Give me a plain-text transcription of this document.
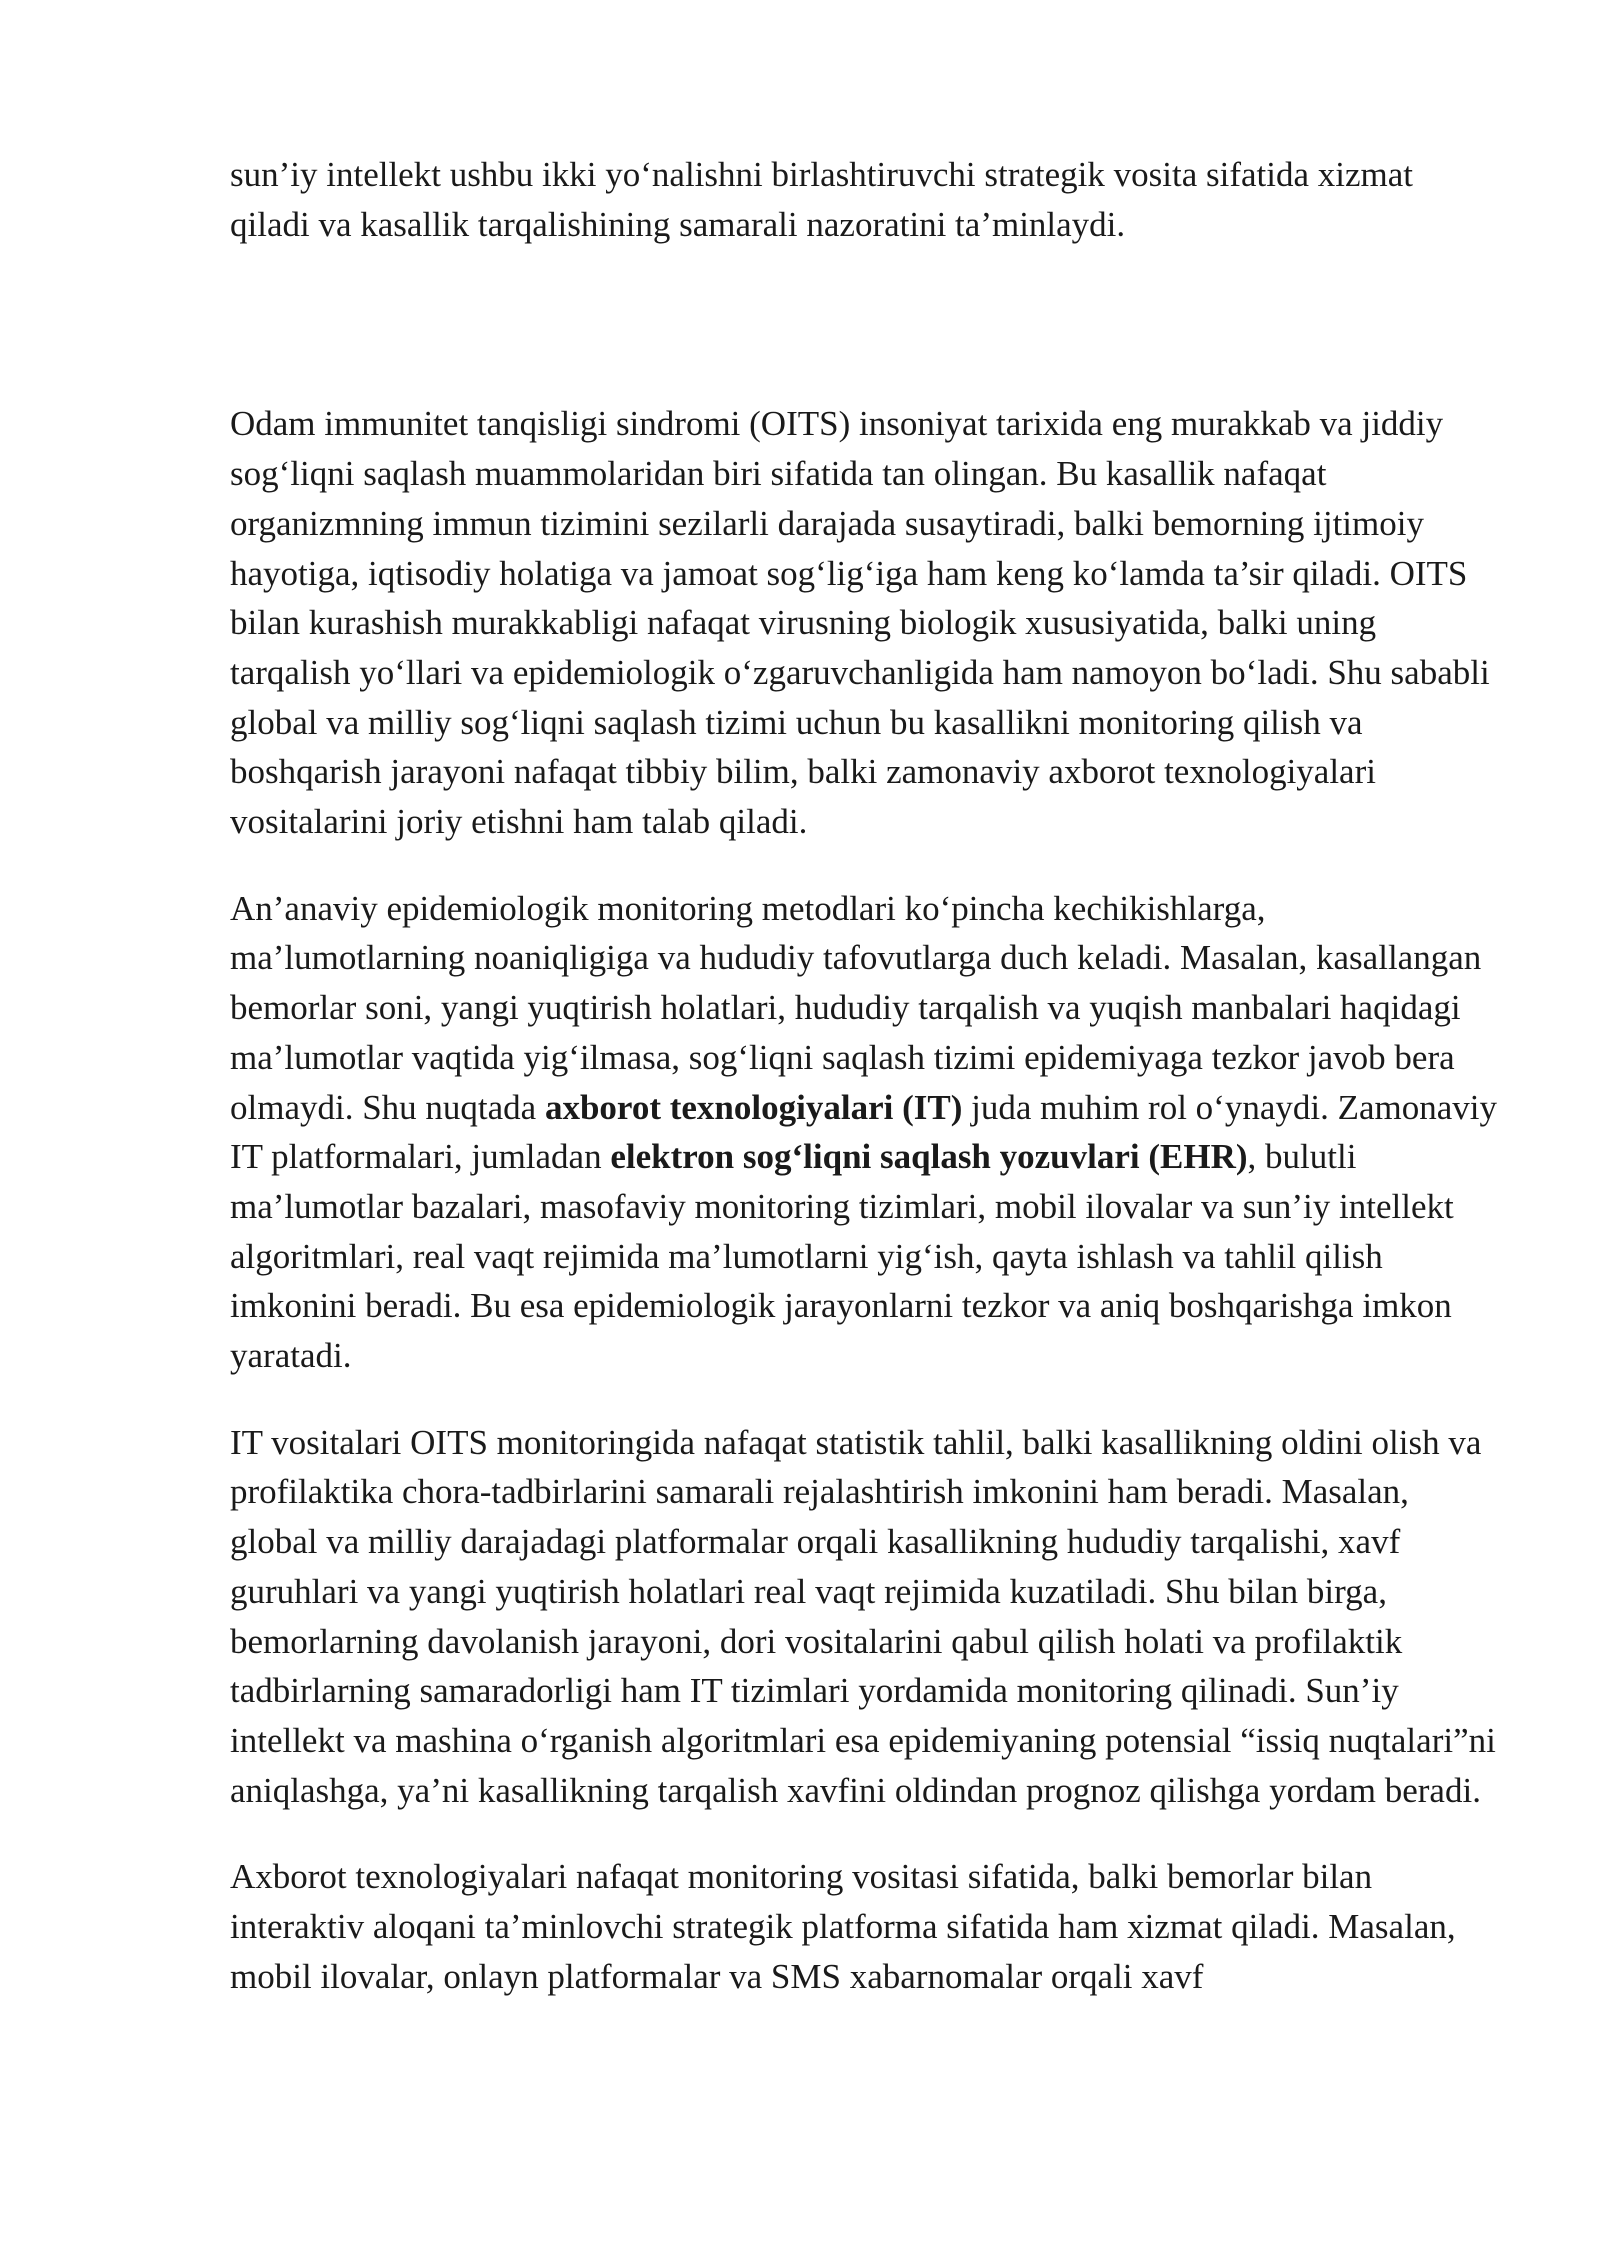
sun’iy intellekt ushbu ikki yo‘nalishni birlashtiruvchi strategik vosita sifatida xizmat qiladi va kasallik tarqalishining samarali nazoratini ta’minlaydi.

Odam immunitet tanqisligi sindromi (OITS) insoniyat tarixida eng murakkab va jiddiy sog‘liqni saqlash muammolaridan biri sifatida tan olingan. Bu kasallik nafaqat organizmning immun tizimini sezilarli darajada susaytiradi, balki bemorning ijtimoiy hayotiga, iqtisodiy holatiga va jamoat sog‘lig‘iga ham keng ko‘lamda ta’sir qiladi. OITS bilan kurashish murakkabligi nafaqat virusning biologik xususiyatida, balki uning tarqalish yo‘llari va epidemiologik o‘zgaruvchanligida ham namoyon bo‘ladi. Shu sababli global va milliy sog‘liqni saqlash tizimi uchun bu kasallikni monitoring qilish va boshqarish jarayoni nafaqat tibbiy bilim, balki zamonaviy axborot texnologiyalari vositalarini joriy etishni ham talab qiladi.

An’anaviy epidemiologik monitoring metodlari ko‘pincha kechikishlarga, ma’lumotlarning noaniqligiga va hududiy tafovutlarga duch keladi. Masalan, kasallangan bemorlar soni, yangi yuqtirish holatlari, hududiy tarqalish va yuqish manbalari haqidagi ma’lumotlar vaqtida yig‘ilmasa, sog‘liqni saqlash tizimi epidemiyaga tezkor javob bera olmaydi. Shu nuqtada axborot texnologiyalari (IT) juda muhim rol o‘ynaydi. Zamonaviy IT platformalari, jumladan elektron sog‘liqni saqlash yozuvlari (EHR), bulutli ma’lumotlar bazalari, masofaviy monitoring tizimlari, mobil ilovalar va sun’iy intellekt algoritmlari, real vaqt rejimida ma’lumotlarni yig‘ish, qayta ishlash va tahlil qilish imkonini beradi. Bu esa epidemiologik jarayonlarni tezkor va aniq boshqarishga imkon yaratadi.

IT vositalari OITS monitoringida nafaqat statistik tahlil, balki kasallikning oldini olish va profilaktika chora-tadbirlarini samarali rejalashtirish imkonini ham beradi. Masalan, global va milliy darajadagi platformalar orqali kasallikning hududiy tarqalishi, xavf guruhlari va yangi yuqtirish holatlari real vaqt rejimida kuzatiladi. Shu bilan birga, bemorlarning davolanish jarayoni, dori vositalarini qabul qilish holati va profilaktik tadbirlarning samaradorligi ham IT tizimlari yordamida monitoring qilinadi. Sun’iy intellekt va mashina o‘rganish algoritmlari esa epidemiyaning potensial “issiq nuqtalari”ni aniqlashga, ya’ni kasallikning tarqalish xavfini oldindan prognoz qilishga yordam beradi.

Axborot texnologiyalari nafaqat monitoring vositasi sifatida, balki bemorlar bilan interaktiv aloqani ta’minlovchi strategik platforma sifatida ham xizmat qiladi. Masalan, mobil ilovalar, onlayn platformalar va SMS xabarnomalar orqali xavf
